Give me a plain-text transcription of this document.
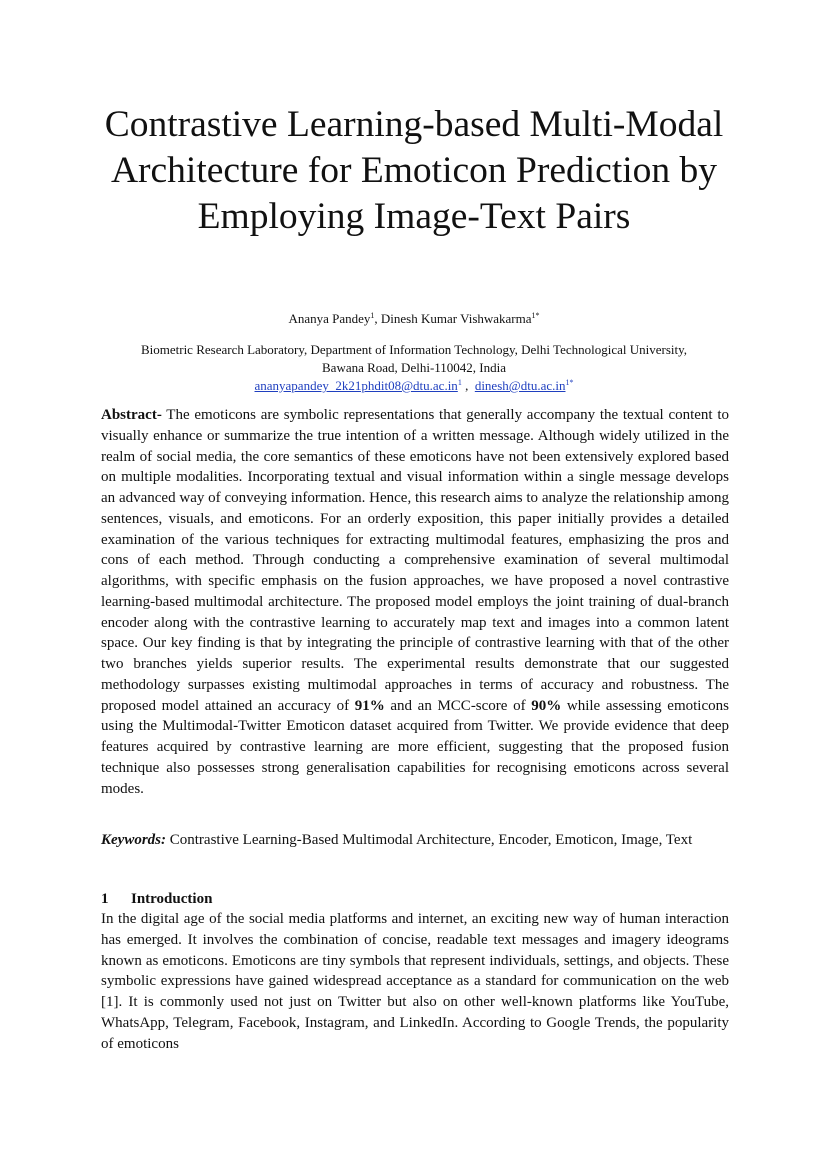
Contrastive Learning-based Multi-Modal Architecture for Emoticon Prediction by Employing Image-Text Pairs
Ananya Pandey$^1$, Dinesh Kumar Vishwakarma$^{1*}$
Biometric Research Laboratory, Department of Information Technology, Delhi Technological University,
Bawana Road, Delhi-110042, India
$ananyapandey\_2k21phdit08@dtu.ac.in^1$ ,  $dinesh@dtu.ac.in^{1*}$

Abstract- The emoticons are symbolic representations that generally accompany the textual content to visually enhance or summarize the true intention of a written message. Although widely utilized in the realm of social media, the core semantics of these emoticons have not been extensively explored based on multiple modalities. Incorporating textual and visual information within a single message develops an advanced way of conveying information. Hence, this research aims to analyze the relationship among sentences, visuals, and emoticons. For an orderly exposition, this paper initially provides a detailed examination of the various techniques for extracting multimodal features, emphasizing the pros and cons of each method. Through conducting a comprehensive examination of several multimodal algorithms, with specific emphasis on the fusion approaches, we have proposed a novel contrastive learning-based multimodal architecture. The proposed model employs the joint training of dual-branch encoder along with the contrastive learning to accurately map text and images into a common latent space. Our key finding is that by integrating the principle of contrastive learning with that of the other two branches yields superior results. The experimental results demonstrate that our suggested methodology surpasses existing multimodal approaches in terms of accuracy and robustness. The proposed model attained an accuracy of 91% and an MCC-score of 90% while assessing emoticons using the Multimodal-Twitter Emoticon dataset acquired from Twitter. We provide evidence that deep features acquired by contrastive learning are more efficient, suggesting that the proposed fusion technique also possesses strong generalisation capabilities for recognising emoticons across several modes.

Keywords: Contrastive Learning-Based Multimodal Architecture, Encoder, Emoticon, Image, Text

1 Introduction

In the digital age of the social media platforms and internet, an exciting new way of human interaction has emerged. It involves the combination of concise, readable text messages and imagery ideograms known as emoticons. Emoticons are tiny symbols that represent individuals, settings, and objects. These symbolic expressions have gained widespread acceptance as a standard for communication on the web [1]. It is commonly used not just on Twitter but also on other well-known platforms like YouTube, WhatsApp, Telegram, Facebook, Instagram, and LinkedIn. According to Google Trends, the popularity of emoticons
